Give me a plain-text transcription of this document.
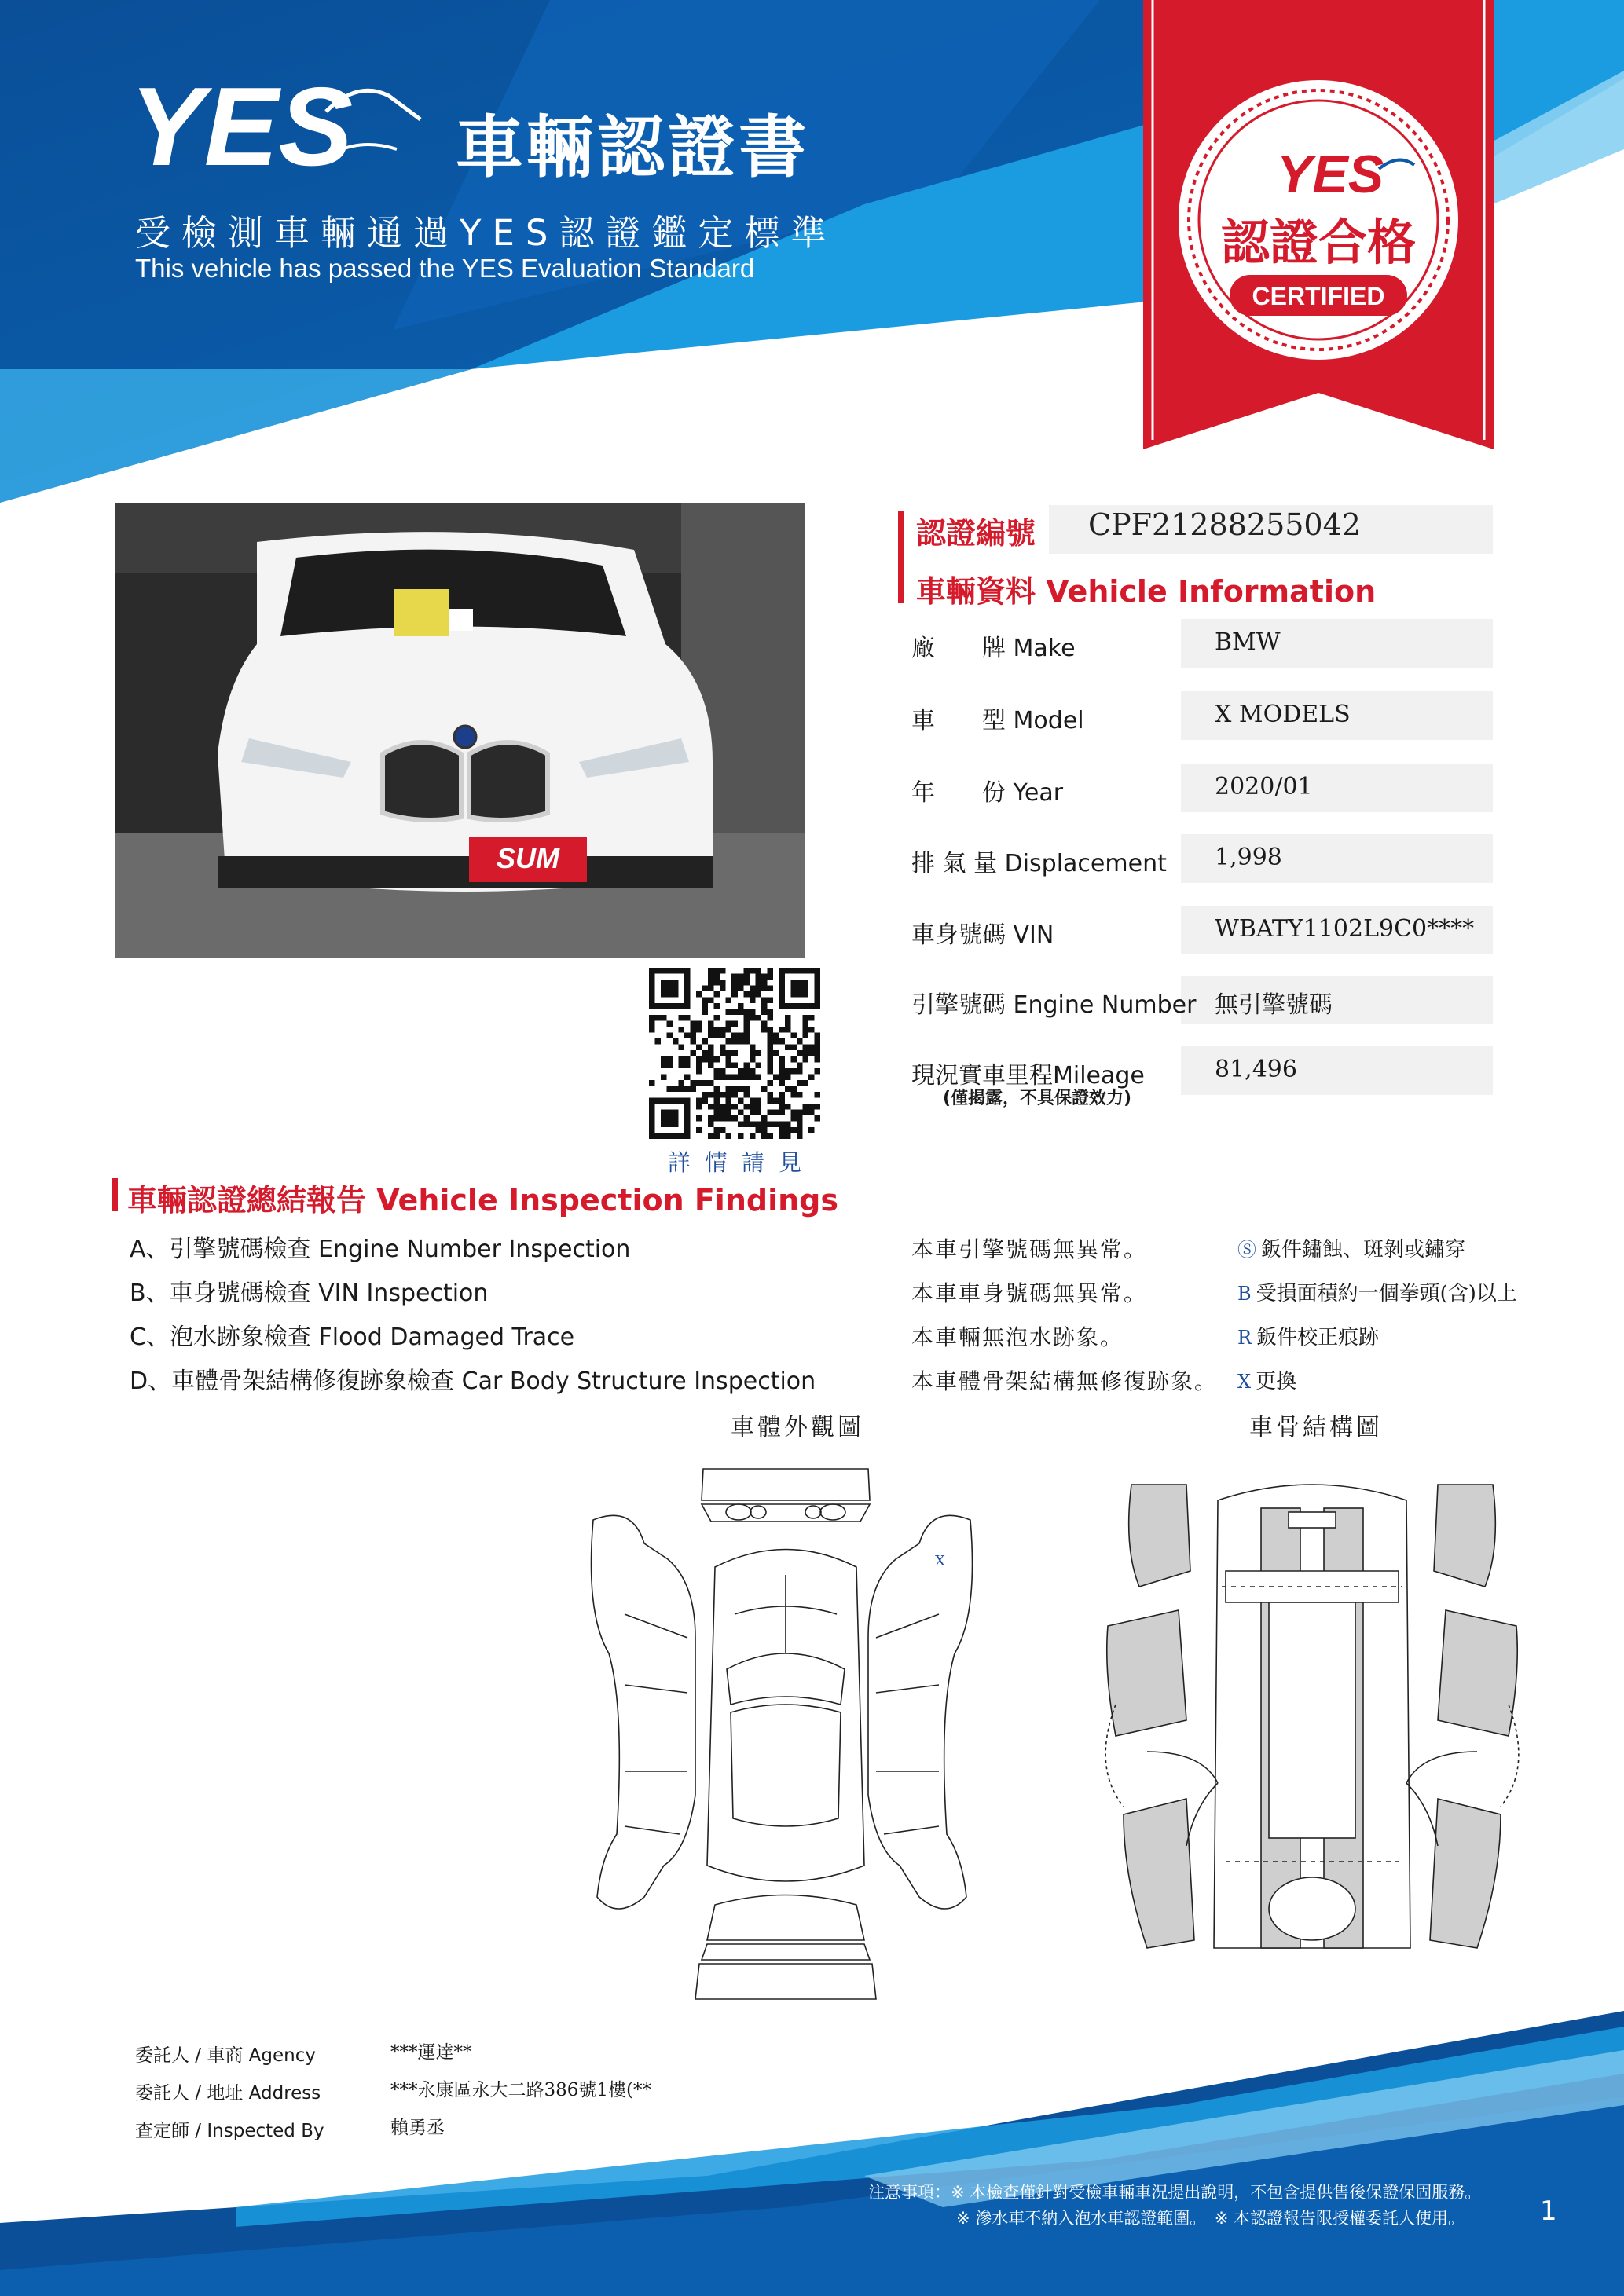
YES 車輛認證書
受檢測車輛通過YES認證鑑定標準
This vehicle has passed the YES Evaluation Standard
YES
認證合格
CERTIFIED
SUM
詳情請見
認證編號 CPF21288255042
車輛資料 Vehicle Information
廠　　牌 Make	BMW
車　　型 Model	X MODELS
年　　份 Year	2020/01
排 氣 量 Displacement 1,998
車身號碼 VIN	WBATY1102L9C0****
引擎號碼 Engine Number 無引擎號碼
現況實車里程Mileage	81,496
(僅揭露，不具保證效力)
車輛認證總結報告 Vehicle Inspection Findings
A、引擎號碼檢查 Engine Number Inspection	本車引擎號碼無異常。
B、車身號碼檢查 VIN Inspection	本車車身號碼無異常。
C、泡水跡象檢查 Flood Damaged Trace	本車輛無泡水跡象。
D、車體骨架結構修復跡象檢查 Car Body Structure Inspection	本車體骨架結構無修復跡象。
Ⓢ 鈑件鏽蝕、斑剝或鏽穿
B 受損面積約一個拳頭(含)以上
R 鈑件校正痕跡
X 更換
車體外觀圖	車骨結構圖
X
委託人 / 車商 Agency	***運達**
委託人 / 地址 Address	***永康區永大二路386號1樓(**
查定師 / Inspected By	賴勇丞
注意事項：※ 本檢查僅針對受檢車輛車況提出說明，不包含提供售後保證保固服務。
※ 滲水車不納入泡水車認證範圍。　※ 本認證報告限授權委託人使用。	1
